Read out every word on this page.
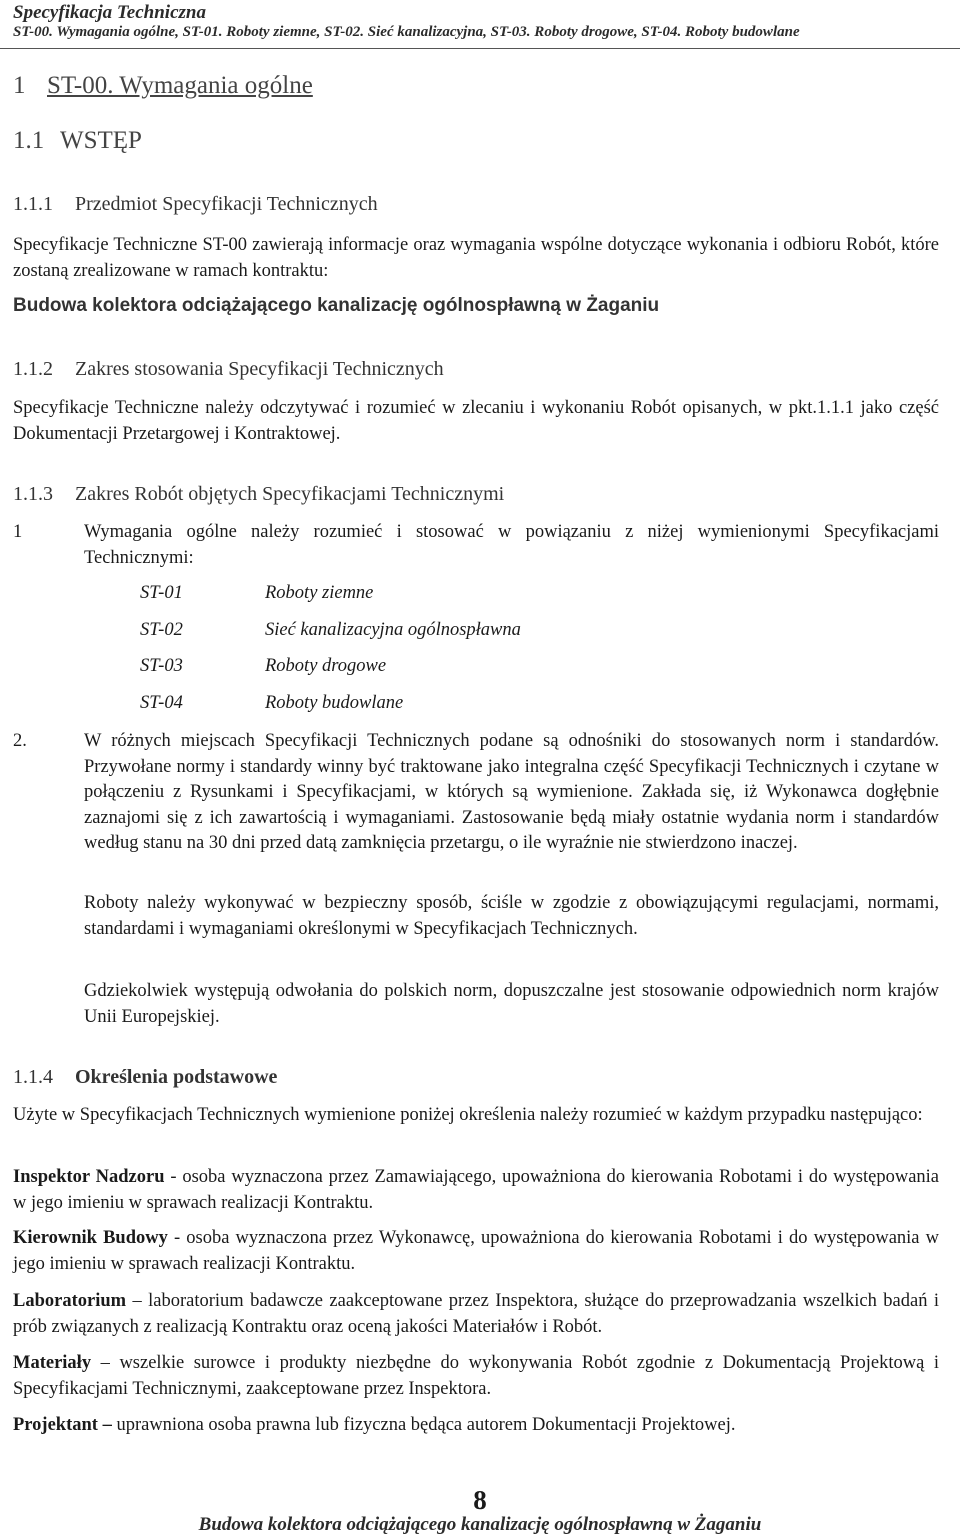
Specyfikacja Techniczna
ST-00. Wymagania ogólne, ST-01. Roboty ziemne, ST-02. Sieć kanalizacyjna, ST-03. Roboty drogowe, ST-04. Roboty budowlane
1 ST-00. Wymagania ogólne
1.1 WSTĘP
1.1.1 Przedmiot Specyfikacji Technicznych
Specyfikacje Techniczne ST-00 zawierają informacje oraz wymagania wspólne dotyczące wykonania i odbioru Robót, które zostaną zrealizowane w ramach kontraktu:
Budowa kolektora odciążającego kanalizację ogólnospławną w Żaganiu
1.1.2 Zakres stosowania Specyfikacji Technicznych
Specyfikacje Techniczne należy odczytywać i rozumieć w zlecaniu i wykonaniu Robót opisanych, w pkt.1.1.1 jako część Dokumentacji Przetargowej i Kontraktowej.
1.1.3 Zakres Robót objętych Specyfikacjami Technicznymi
1	Wymagania ogólne należy rozumieć i stosować w powiązaniu z niżej wymienionymi Specyfikacjami Technicznymi:
ST-01	Roboty ziemne
ST-02	Sieć kanalizacyjna ogólnospławna
ST-03	Roboty drogowe
ST-04	Roboty budowlane
2.	W różnych miejscach Specyfikacji Technicznych podane są odnośniki do stosowanych norm i standardów. Przywołane normy i standardy winny być traktowane jako integralna część Specyfikacji Technicznych i czytane w połączeniu z Rysunkami i Specyfikacjami, w których są wymienione. Zakłada się, iż Wykonawca dogłębnie zaznajomi się z ich zawartością i wymaganiami. Zastosowanie będą miały ostatnie wydania norm i standardów według stanu na 30 dni przed datą zamknięcia przetargu, o ile wyraźnie nie stwierdzono inaczej.
Roboty należy wykonywać w bezpieczny sposób, ściśle w zgodzie z obowiązującymi regulacjami, normami, standardami i wymaganiami określonymi w Specyfikacjach Technicznych.
Gdziekolwiek występują odwołania do polskich norm, dopuszczalne jest stosowanie odpowiednich norm krajów Unii Europejskiej.
1.1.4 Określenia podstawowe
Użyte w Specyfikacjach Technicznych wymienione poniżej określenia należy rozumieć w każdym przypadku następująco:
Inspektor Nadzoru - osoba wyznaczona przez Zamawiającego, upoważniona do kierowania Robotami i do występowania w jego imieniu w sprawach realizacji Kontraktu.
Kierownik Budowy - osoba wyznaczona przez Wykonawcę, upoważniona do kierowania Robotami i do występowania w jego imieniu w sprawach realizacji Kontraktu.
Laboratorium – laboratorium badawcze zaakceptowane przez Inspektora, służące do przeprowadzania wszelkich badań i prób związanych z realizacją Kontraktu oraz oceną jakości Materiałów i Robót.
Materiały – wszelkie surowce i produkty niezbędne do wykonywania Robót zgodnie z Dokumentacją Projektową i Specyfikacjami Technicznymi, zaakceptowane przez Inspektora.
Projektant – uprawniona osoba prawna lub fizyczna będąca autorem Dokumentacji Projektowej.
8
Budowa kolektora odciążającego kanalizację ogólnospławną w Żaganiu
